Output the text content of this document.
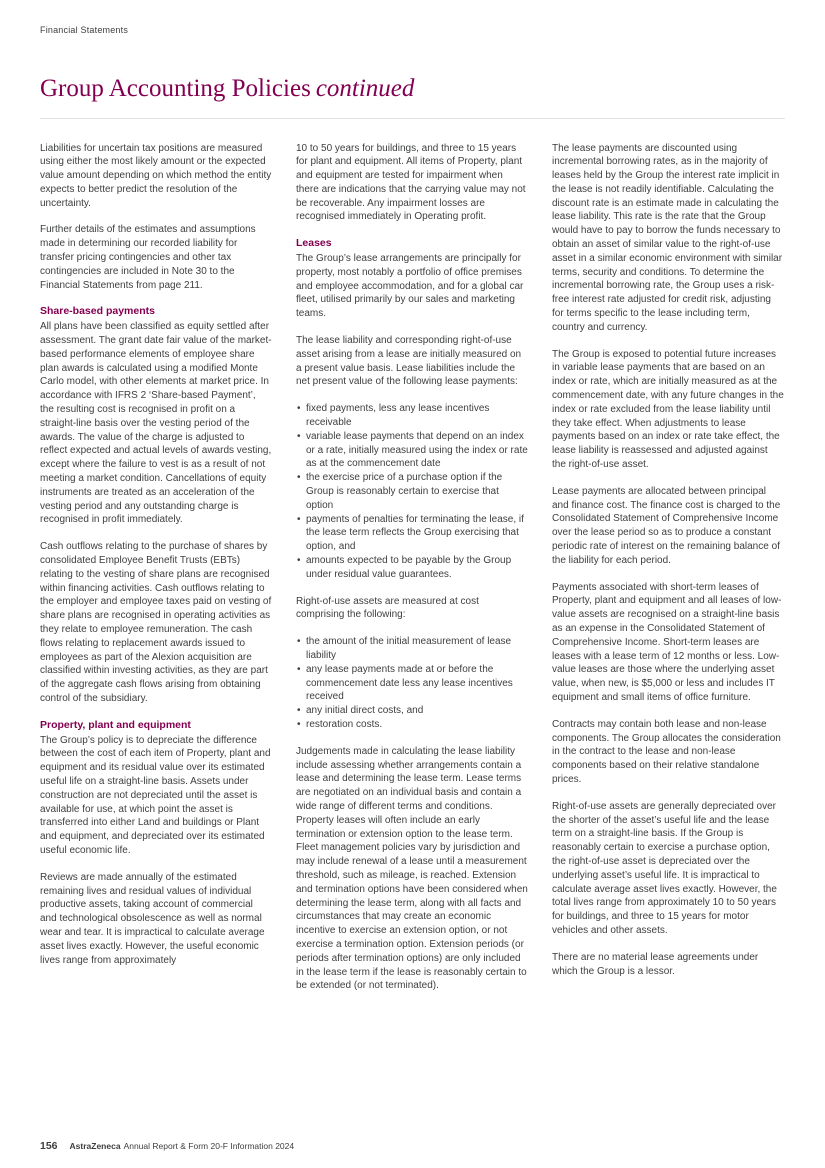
Financial Statements
Group Accounting Policies continued

Liabilities for uncertain tax positions are measured using either the most likely amount or the expected value amount depending on which method the entity expects to better predict the resolution of the uncertainty.

Further details of the estimates and assumptions made in determining our recorded liability for transfer pricing contingencies and other tax contingencies are included in Note 30 to the Financial Statements from page 211.

Share-based payments

All plans have been classified as equity settled after assessment. The grant date fair value of the market-based performance elements of employee share plan awards is calculated using a modified Monte Carlo model, with other elements at market price. In accordance with IFRS 2 ‘Share-based Payment’, the resulting cost is recognised in profit on a straight-line basis over the vesting period of the awards. The value of the charge is adjusted to reflect expected and actual levels of awards vesting, except where the failure to vest is as a result of not meeting a market condition. Cancellations of equity instruments are treated as an acceleration of the vesting period and any outstanding charge is recognised in profit immediately.

Cash outflows relating to the purchase of shares by consolidated Employee Benefit Trusts (EBTs) relating to the vesting of share plans are recognised within financing activities. Cash outflows relating to the employer and employee taxes paid on vesting of share plans are recognised in operating activities as they relate to employee remuneration. The cash flows relating to replacement awards issued to employees as part of the Alexion acquisition are classified within investing activities, as they are part of the aggregate cash flows arising from obtaining control of the subsidiary.

Property, plant and equipment

The Group’s policy is to depreciate the difference between the cost of each item of Property, plant and equipment and its residual value over its estimated useful life on a straight-line basis. Assets under construction are not depreciated until the asset is available for use, at which point the asset is transferred into either Land and buildings or Plant and equipment, and depreciated over its estimated useful economic life.

Reviews are made annually of the estimated remaining lives and residual values of individual productive assets, taking account of commercial and technological obsolescence as well as normal wear and tear. It is impractical to calculate average asset lives exactly. However, the useful economic lives range from approximately

10 to 50 years for buildings, and three to 15 years for plant and equipment. All items of Property, plant and equipment are tested for impairment when there are indications that the carrying value may not be recoverable. Any impairment losses are recognised immediately in Operating profit.

Leases

The Group’s lease arrangements are principally for property, most notably a portfolio of office premises and employee accommodation, and for a global car fleet, utilised primarily by our sales and marketing teams.

The lease liability and corresponding right-of-use asset arising from a lease are initially measured on a present value basis. Lease liabilities include the net present value of the following lease payments:

• fixed payments, less any lease incentives receivable
• variable lease payments that depend on an index or a rate, initially measured using the index or rate as at the commencement date
• the exercise price of a purchase option if the Group is reasonably certain to exercise that option
• payments of penalties for terminating the lease, if the lease term reflects the Group exercising that option, and
• amounts expected to be payable by the Group under residual value guarantees.

Right-of-use assets are measured at cost comprising the following:

• the amount of the initial measurement of lease liability
• any lease payments made at or before the commencement date less any lease incentives received
• any initial direct costs, and
• restoration costs.

Judgements made in calculating the lease liability include assessing whether arrangements contain a lease and determining the lease term. Lease terms are negotiated on an individual basis and contain a wide range of different terms and conditions. Property leases will often include an early termination or extension option to the lease term. Fleet management policies vary by jurisdiction and may include renewal of a lease until a measurement threshold, such as mileage, is reached. Extension and termination options have been considered when determining the lease term, along with all facts and circumstances that may create an economic incentive to exercise an extension option, or not exercise a termination option. Extension periods (or periods after termination options) are only included in the lease term if the lease is reasonably certain to be extended (or not terminated).

The lease payments are discounted using incremental borrowing rates, as in the majority of leases held by the Group the interest rate implicit in the lease is not readily identifiable. Calculating the discount rate is an estimate made in calculating the lease liability. This rate is the rate that the Group would have to pay to borrow the funds necessary to obtain an asset of similar value to the right-of-use asset in a similar economic environment with similar terms, security and conditions. To determine the incremental borrowing rate, the Group uses a risk-free interest rate adjusted for credit risk, adjusting for terms specific to the lease including term, country and currency.

The Group is exposed to potential future increases in variable lease payments that are based on an index or rate, which are initially measured as at the commencement date, with any future changes in the index or rate excluded from the lease liability until they take effect. When adjustments to lease payments based on an index or rate take effect, the lease liability is reassessed and adjusted against the right-of-use asset.

Lease payments are allocated between principal and finance cost. The finance cost is charged to the Consolidated Statement of Comprehensive Income over the lease period so as to produce a constant periodic rate of interest on the remaining balance of the liability for each period.

Payments associated with short-term leases of Property, plant and equipment and all leases of low-value assets are recognised on a straight-line basis as an expense in the Consolidated Statement of Comprehensive Income. Short-term leases are leases with a lease term of 12 months or less. Low-value leases are those where the underlying asset value, when new, is $5,000 or less and includes IT equipment and small items of office furniture.

Contracts may contain both lease and non-lease components. The Group allocates the consideration in the contract to the lease and non-lease components based on their relative standalone prices.

Right-of-use assets are generally depreciated over the shorter of the asset’s useful life and the lease term on a straight-line basis. If the Group is reasonably certain to exercise a purchase option, the right-of-use asset is depreciated over the underlying asset’s useful life. It is impractical to calculate average asset lives exactly. However, the total lives range from approximately 10 to 50 years for buildings, and three to 15 years for motor vehicles and other assets.

There are no material lease agreements under which the Group is a lessor.

156 AstraZeneca Annual Report & Form 20-F Information 2024
